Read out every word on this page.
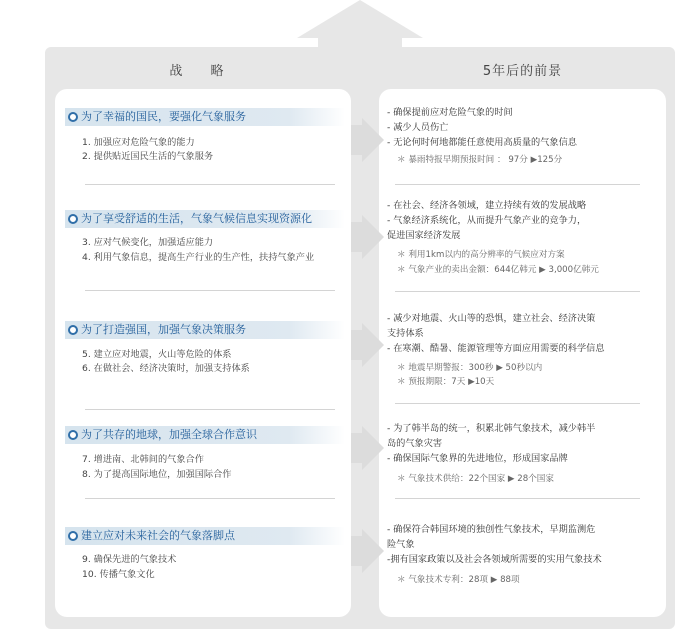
战 略	5年后的前景
为了幸福的国民，要强化气象服务
1. 加强应对危险气象的能力
2. 提供贴近国民生活的气象服务
- 确保提前应对危险气象的时间
- 减少人员伤亡
- 无论何时何地都能任意使用高质量的气象信息
＊ 暴雨特报早期预报时间 ： 97分 ▶125分
为了享受舒适的生活，气象气候信息实现资源化
3. 应对气候变化，加强适应能力
4. 利用气象信息，提高生产行业的生产性，扶持气象产业
- 在社会、经济各领域，建立持续有效的发展战略
- 气象经济系统化，从而提升气象产业的竞争力，
促进国家经济发展
＊ 利用1km以内的高分辨率的气候应对方案
＊ 气象产业的卖出金额：644亿韩元 ▶ 3,000亿韩元
为了打造强国，加强气象决策服务
5. 建立应对地震，火山等危险的体系
6. 在做社会、经济决策时，加强支持体系
- 减少对地震、火山等的恐惧，建立社会、经济决策
支持体系
- 在寒潮、酷暑、能源管理等方面应用需要的科学信息
＊ 地震早期警报：300秒 ▶ 50秒以内
＊ 预报期限：7天 ▶10天
为了共存的地球，加强全球合作意识
7. 增进南、北韩间的气象合作
8. 为了提高国际地位，加强国际合作
- 为了韩半岛的统一，积累北韩气象技术，减少韩半
岛的气象灾害
- 确保国际气象界的先进地位，形成国家品牌
＊ 气象技术供给：22个国家 ▶ 28个国家
建立应对未来社会的气象落脚点
9. 确保先进的气象技术
10. 传播气象文化
- 确保符合韩国环境的独创性气象技术，早期监测危
险气象
-拥有国家政策以及社会各领域所需要的实用气象技术
＊ 气象技术专利：28项 ▶ 88项
